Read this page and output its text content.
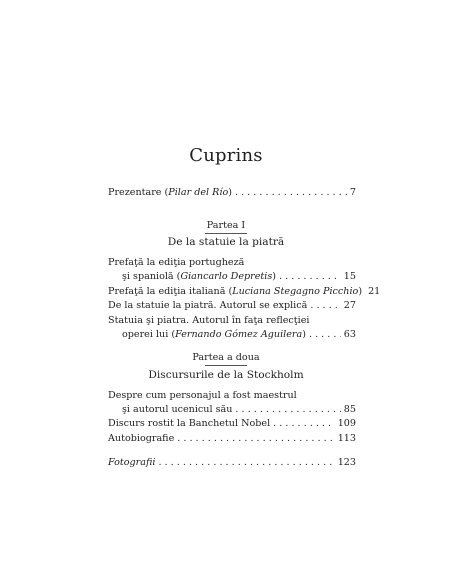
Cuprins
Prezentare (Pilar del Río) . . .	7
Partea I
De la statuie la piatră
Prefaţă la ediţia portugheză
şi spaniolă (Giancarlo Depretis) . . .	15
Prefaţă la ediţia italiană (Luciana Stegagno Picchio) 21
De la statuie la piatră. Autorul se explică . . .	27
Statuia şi piatra. Autorul în faţa reflecţiei
operei lui (Fernando Gómez Aguilera) . . .	63
Partea a doua
Discursurile de la Stockholm
Despre cum personajul a fost maestrul
şi autorul ucenicul său . . .	85
Discurs rostit la Banchetul Nobel . . .	109
Autobiografie . . .	113
Fotografii . . .	123
